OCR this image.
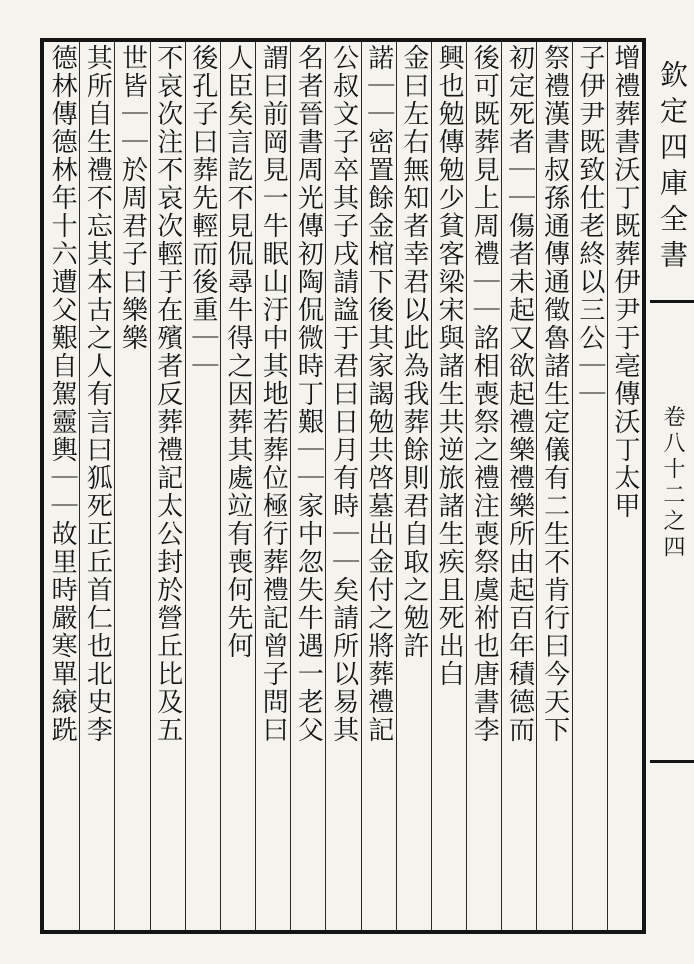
欽定四庫全書
卷八十二之四
增禮葬書沃丁既葬伊尹于亳傳沃丁太甲
子伊尹既致仕老終以三公｜｜
祭禮漢書叔孫通傳通徵魯諸生定儀有二生不肯行曰今天下
初定死者｜｜傷者未起又欲起禮樂禮樂所由起百年積德而
後可既葬見上周禮｜｜詺相喪祭之禮注喪祭虞祔也唐書李
興也勉傳勉少貧客梁宋與諸生共逆旅諸生疾且死出白
金曰左右無知者幸君以此為我葬餘則君自取之勉許
諾｜｜密置餘金棺下後其家謁勉共啓墓出金付之將葬禮記
公叔文子卒其子戌請諡于君曰日月有時｜｜矣請所以易其
名者晉書周光傳初陶侃微時丁艱｜｜家中忽失牛遇一老父
謂曰前岡見一牛眠山汙中其地若葬位極行葬禮記曾子問曰
人臣矣言訖不見侃尋牛得之因葬其處竝有喪何先何
後孔子曰葬先輕而後重｜｜
不哀次注不哀次輕于在殯者反葬禮記太公封於營丘比及五
世皆｜｜於周君子曰樂樂
其所自生禮不忘其本古之人有言曰狐死正丘首仁也北史李
德林傳德林年十六遭父艱自駕靈輿｜｜故里時嚴寒單縗跣
